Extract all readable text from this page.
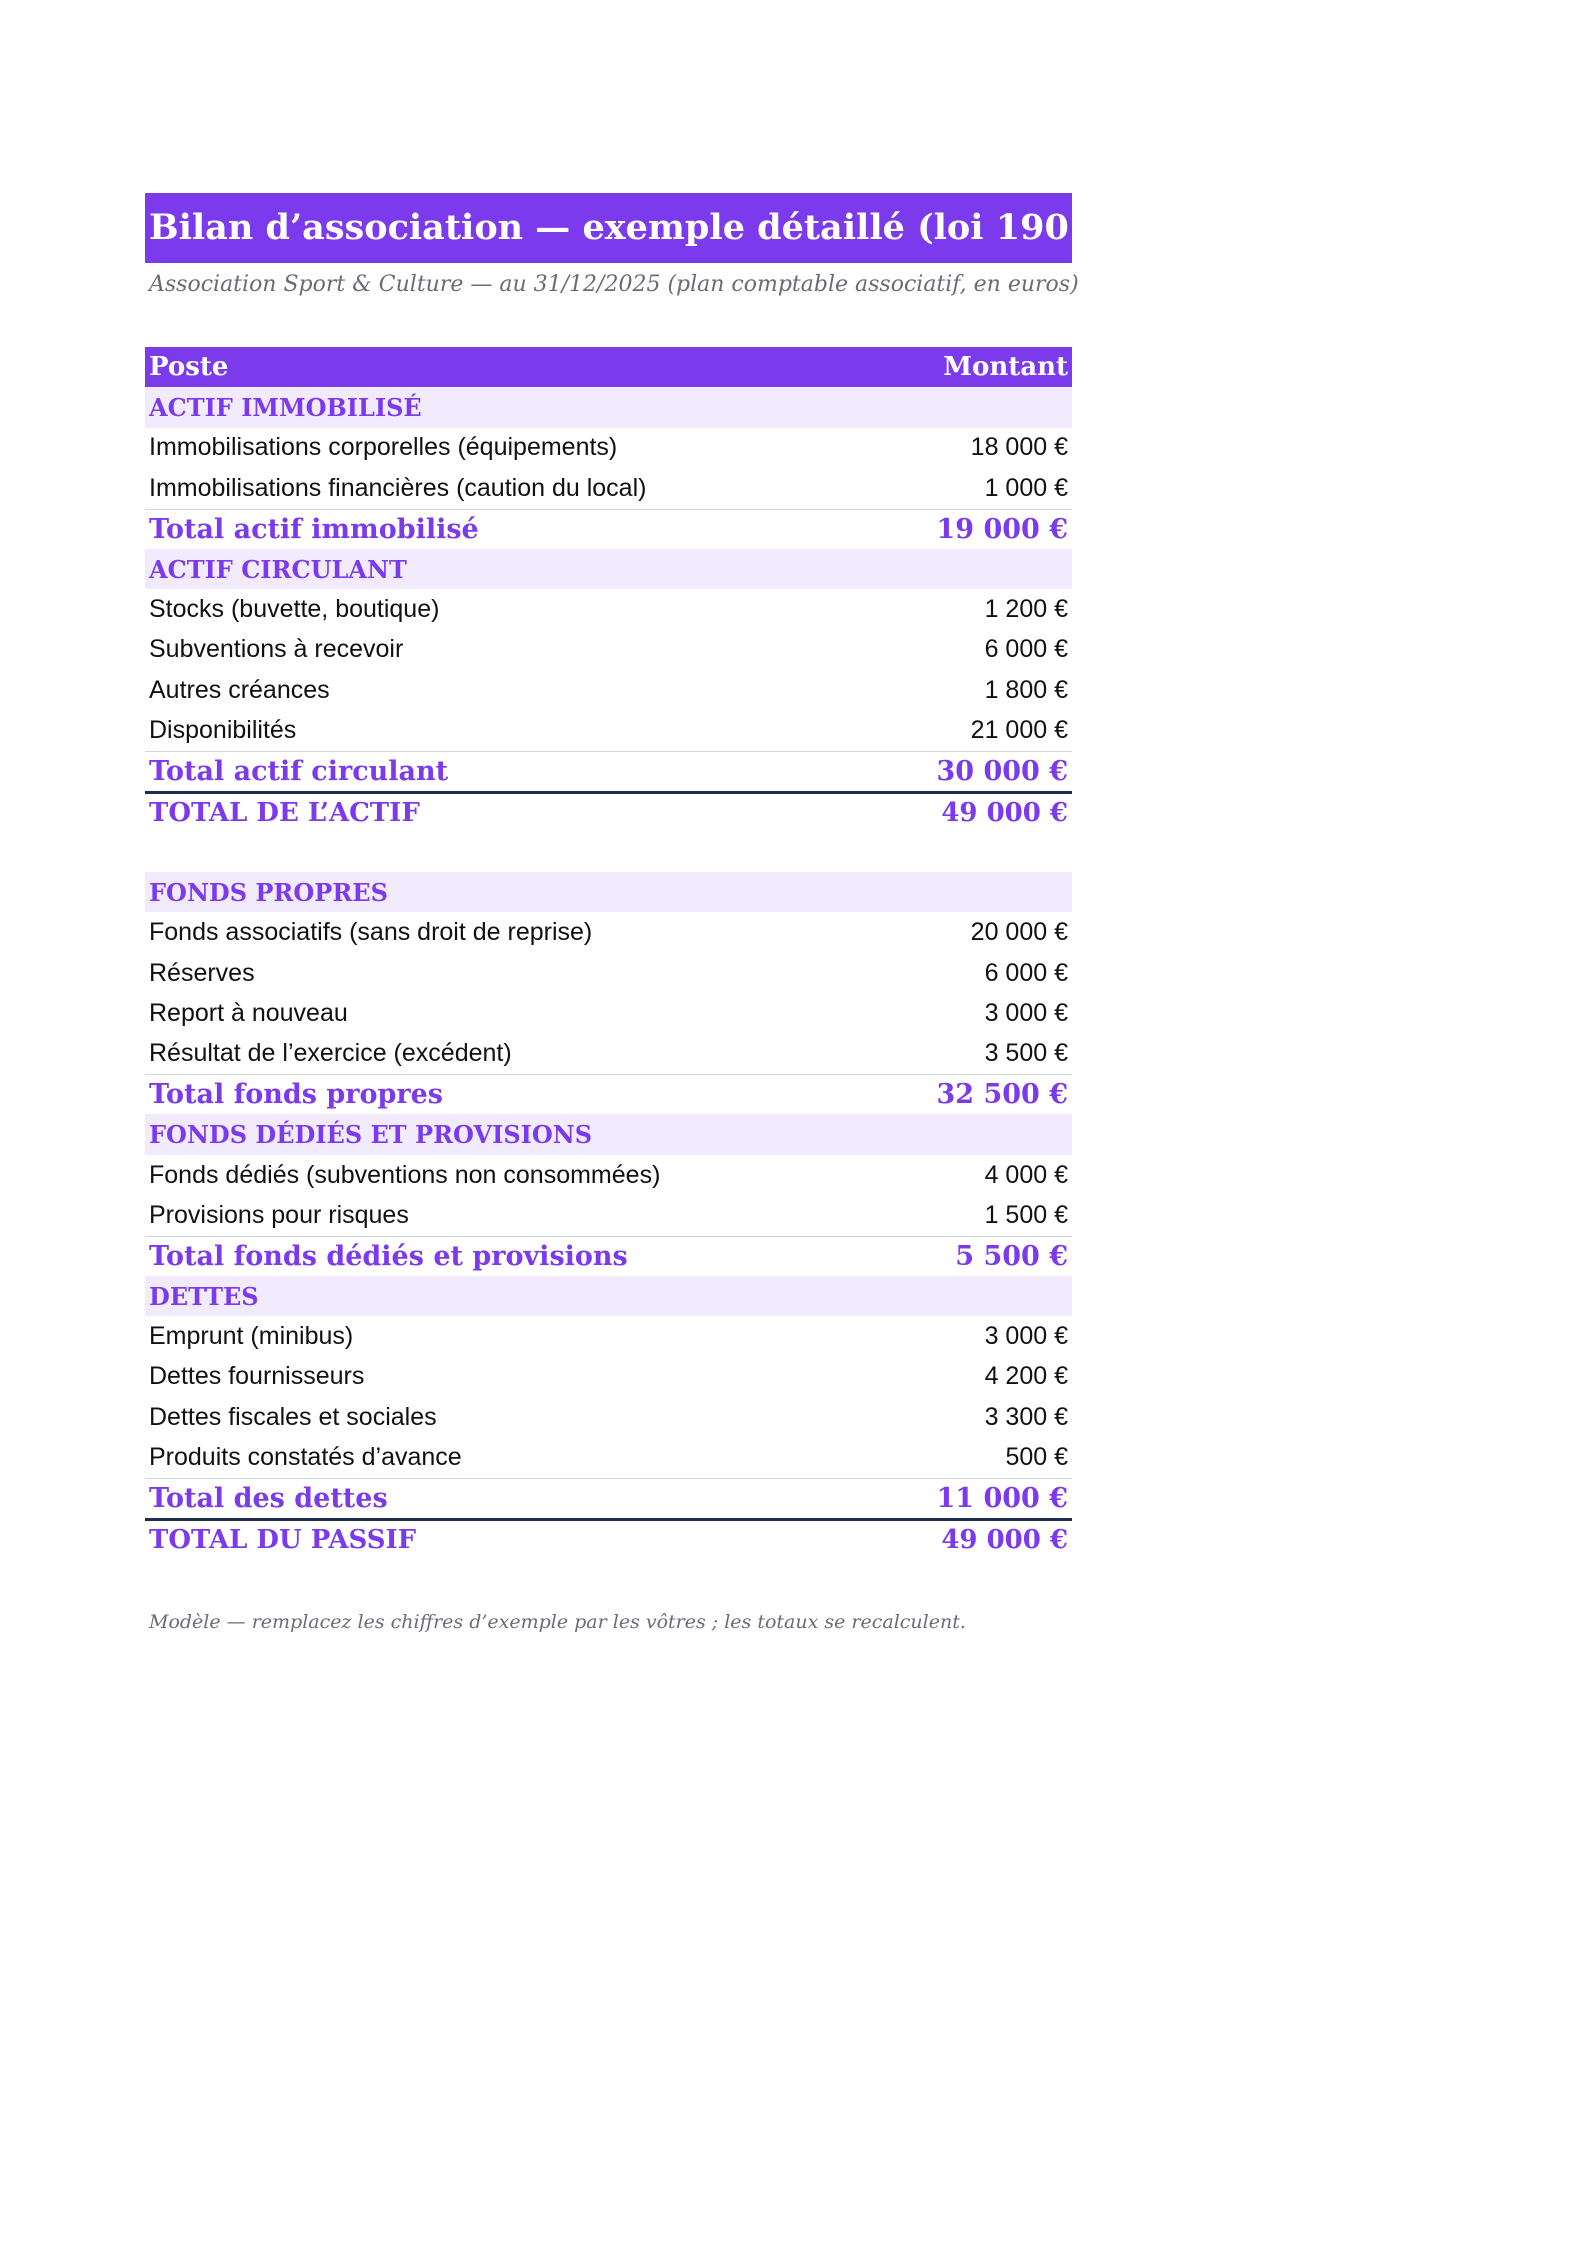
Bilan d’association — exemple détaillé (loi 1901)
Association Sport & Culture — au 31/12/2025 (plan comptable associatif, en euros)
Poste	Montant
ACTIF IMMOBILISÉ
Immobilisations corporelles (équipements)	18 000 €
Immobilisations financières (caution du local)	1 000 €
Total actif immobilisé	19 000 €
ACTIF CIRCULANT
Stocks (buvette, boutique)	1 200 €
Subventions à recevoir	6 000 €
Autres créances	1 800 €
Disponibilités	21 000 €
Total actif circulant	30 000 €
TOTAL DE L’ACTIF	49 000 €
FONDS PROPRES
Fonds associatifs (sans droit de reprise)	20 000 €
Réserves	6 000 €
Report à nouveau	3 000 €
Résultat de l’exercice (excédent)	3 500 €
Total fonds propres	32 500 €
FONDS DÉDIÉS ET PROVISIONS
Fonds dédiés (subventions non consommées)	4 000 €
Provisions pour risques	1 500 €
Total fonds dédiés et provisions	5 500 €
DETTES
Emprunt (minibus)	3 000 €
Dettes fournisseurs	4 200 €
Dettes fiscales et sociales	3 300 €
Produits constatés d’avance	500 €
Total des dettes	11 000 €
TOTAL DU PASSIF	49 000 €
Modèle — remplacez les chiffres d’exemple par les vôtres ; les totaux se recalculent.
